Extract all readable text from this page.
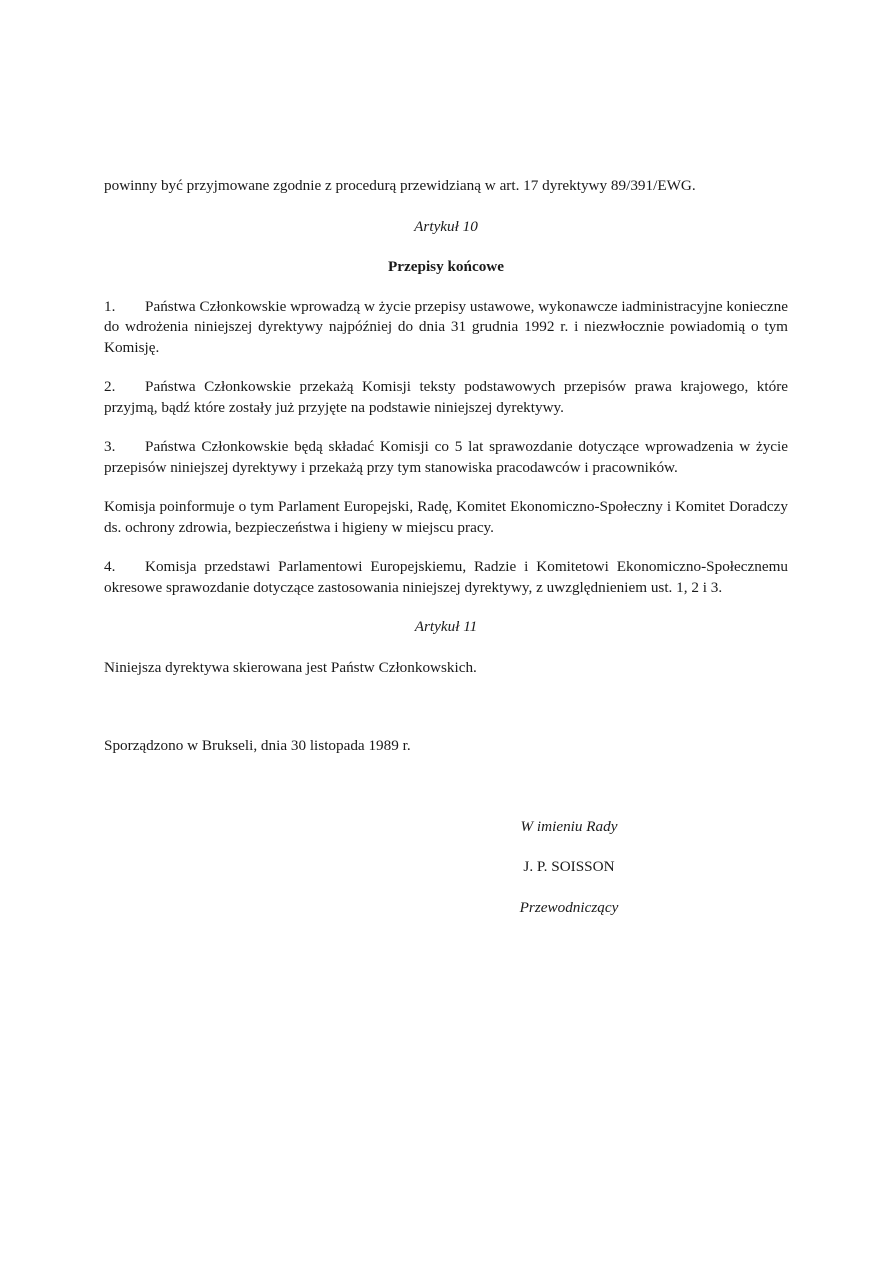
powinny być przyjmowane zgodnie z procedurą przewidzianą w art. 17 dyrektywy 89/391/EWG.

Artykuł 10

Przepisy końcowe

1. Państwa Członkowskie wprowadzą w życie przepisy ustawowe, wykonawcze iadministracyjne konieczne do wdrożenia niniejszej dyrektywy najpóźniej do dnia 31 grudnia 1992 r. i niezwłocznie powiadomią o tym Komisję.

2. Państwa Członkowskie przekażą Komisji teksty podstawowych przepisów prawa krajowego, które przyjmą, bądź które zostały już przyjęte na podstawie niniejszej dyrektywy.

3. Państwa Członkowskie będą składać Komisji co 5 lat sprawozdanie dotyczące wprowadzenia w życie przepisów niniejszej dyrektywy i przekażą przy tym stanowiska pracodawców i pracowników.

Komisja poinformuje o tym Parlament Europejski, Radę, Komitet Ekonomiczno-Społeczny i Komitet Doradczy ds. ochrony zdrowia, bezpieczeństwa i higieny w miejscu pracy.

4. Komisja przedstawi Parlamentowi Europejskiemu, Radzie i Komitetowi Ekonomiczno-Społecznemu okresowe sprawozdanie dotyczące zastosowania niniejszej dyrektywy, z uwzględnieniem ust. 1, 2 i 3.

Artykuł 11

Niniejsza dyrektywa skierowana jest Państw Członkowskich.

Sporządzono w Brukseli, dnia 30 listopada 1989 r.

W imieniu Rady

J. P. SOISSON

Przewodniczący
